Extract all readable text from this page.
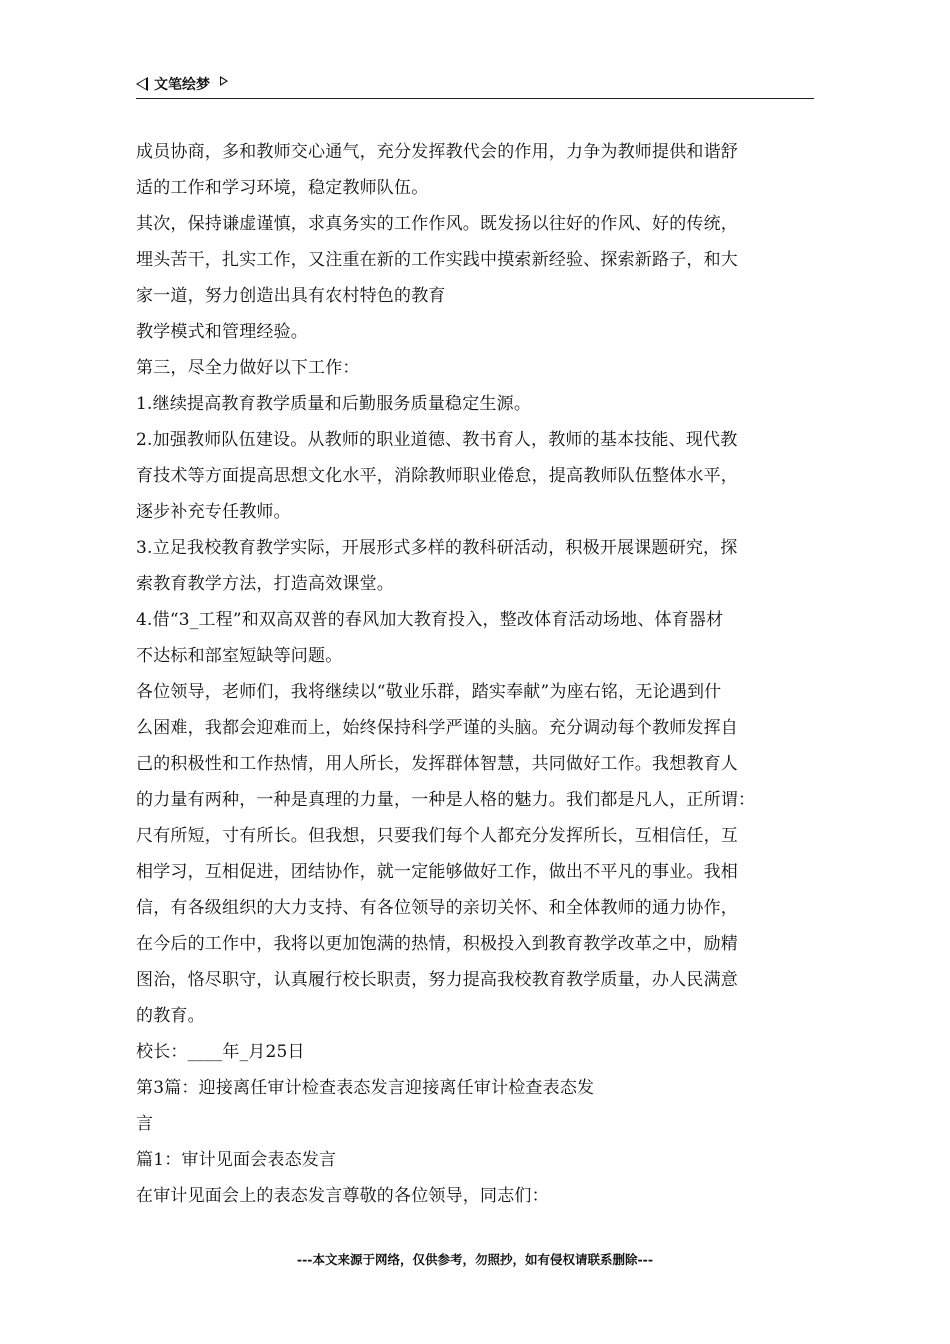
文笔绘梦

成员协商，多和教师交心通气，充分发挥教代会的作用，力争为教师提供和谐舒

适的工作和学习环境，稳定教师队伍。

其次，保持谦虚谨慎，求真务实的工作作风。既发扬以往好的作风、好的传统，

埋头苦干，扎实工作，又注重在新的工作实践中摸索新经验、探索新路子，和大

家一道，努力创造出具有农村特色的教育

教学模式和管理经验。

第三，尽全力做好以下工作：

1.继续提高教育教学质量和后勤服务质量稳定生源。

2.加强教师队伍建设。从教师的职业道德、教书育人，教师的基本技能、现代教

育技术等方面提高思想文化水平，消除教师职业倦怠，提高教师队伍整体水平，

逐步补充专任教师。

3.立足我校教育教学实际，开展形式多样的教科研活动，积极开展课题研究，探

索教育教学方法，打造高效课堂。

4.借“3_工程”和双高双普的春风加大教育投入，整改体育活动场地、体育器材

不达标和部室短缺等问题。

各位领导，老师们，我将继续以“敬业乐群，踏实奉献”为座右铭，无论遇到什

么困难，我都会迎难而上，始终保持科学严谨的头脑。充分调动每个教师发挥自

己的积极性和工作热情，用人所长，发挥群体智慧，共同做好工作。我想教育人

的力量有两种，一种是真理的力量，一种是人格的魅力。我们都是凡人，正所谓：

尺有所短，寸有所长。但我想，只要我们每个人都充分发挥所长，互相信任，互

相学习，互相促进，团结协作，就一定能够做好工作，做出不平凡的事业。我相

信，有各级组织的大力支持、有各位领导的亲切关怀、和全体教师的通力协作，

在今后的工作中，我将以更加饱满的热情，积极投入到教育教学改革之中，励精

图治，恪尽职守，认真履行校长职责，努力提高我校教育教学质量，办人民满意

的教育。

校长：____年_月25日

第3篇：迎接离任审计检查表态发言迎接离任审计检查表态发

言

篇1：审计见面会表态发言

在审计见面会上的表态发言尊敬的各位领导，同志们：

---本文来源于网络，仅供参考，勿照抄，如有侵权请联系删除---
